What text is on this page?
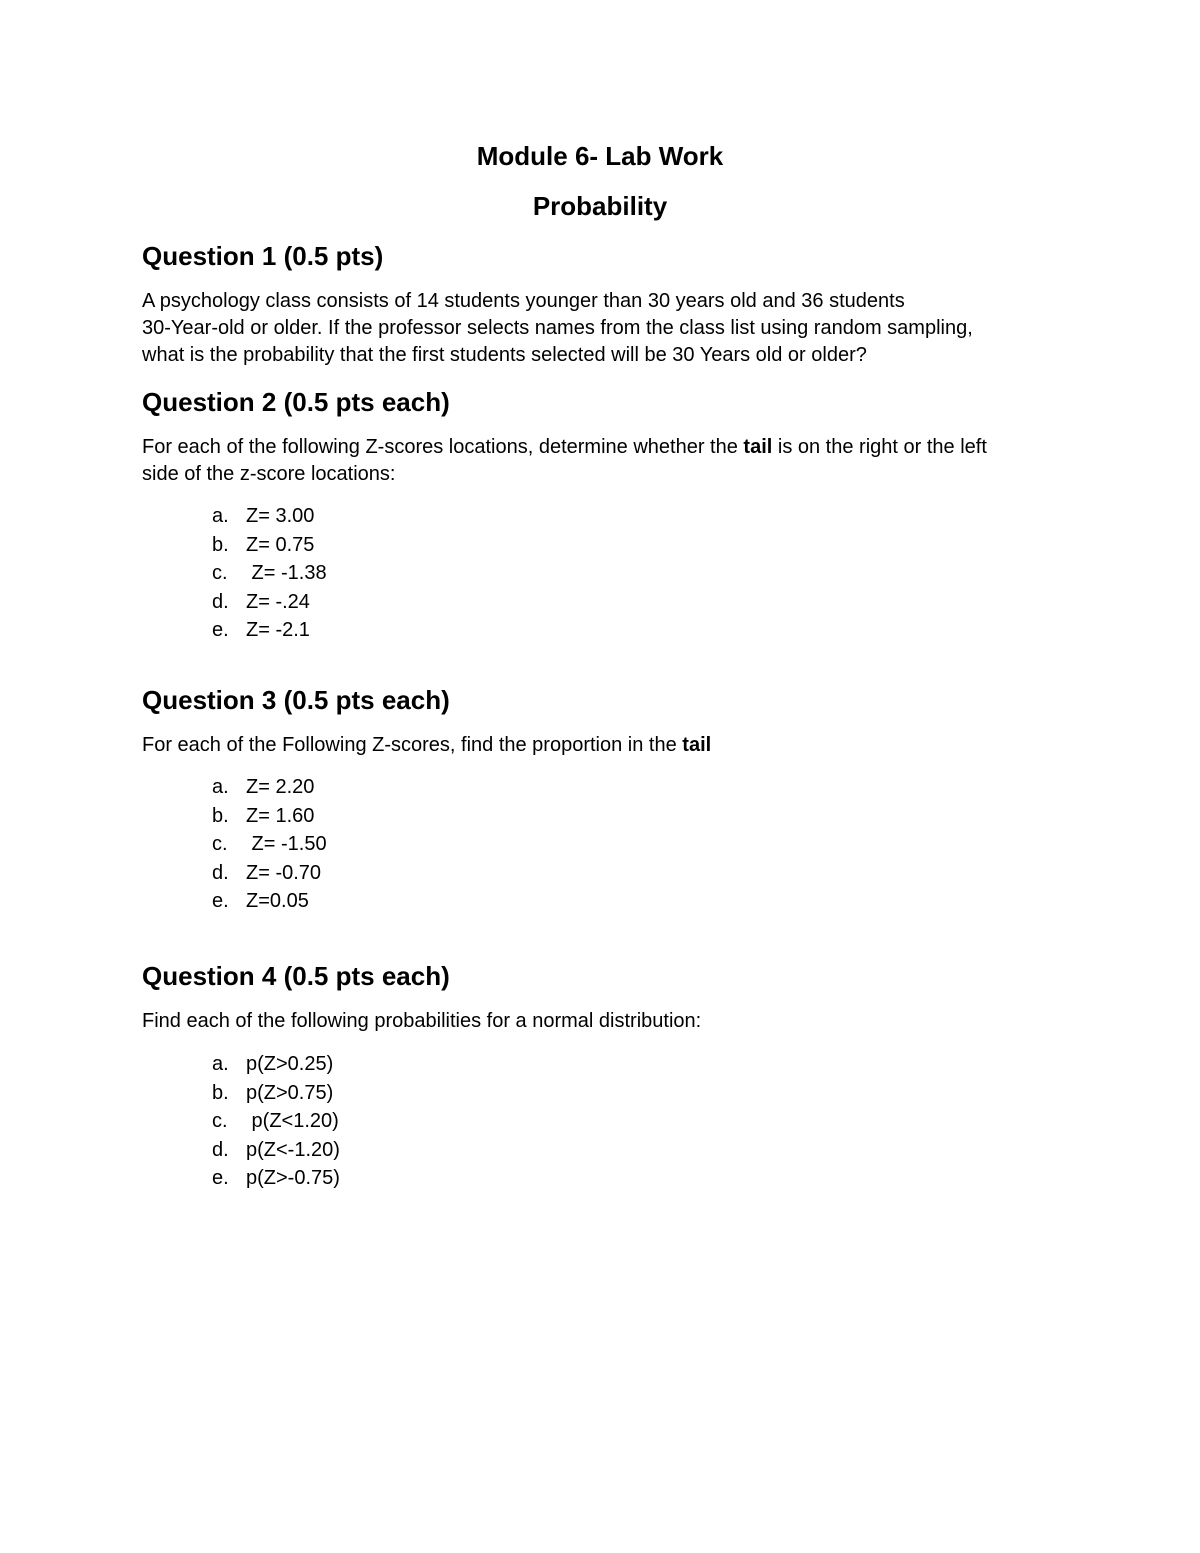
Module 6- Lab Work
Probability
Question 1 (0.5 pts)

A psychology class consists of 14 students younger than 30 years old and 36 students
30-Year-old or older. If the professor selects names from the class list using random sampling,
what is the probability that the first students selected will be 30 Years old or older?

Question 2 (0.5 pts each)

For each of the following Z-scores locations, determine whether the tail is on the right or the left
side of the z-score locations:

a. Z= 3.00
b. Z= 0.75
c. Z= -1.38
d. Z= -.24
e. Z= -2.1
Question 3 (0.5 pts each)

For each of the Following Z-scores, find the proportion in the tail

a. Z= 2.20
b. Z= 1.60
c. Z= -1.50
d. Z= -0.70
e. Z=0.05
Question 4 (0.5 pts each)

Find each of the following probabilities for a normal distribution:

a. p(Z>0.25)
b. p(Z>0.75)
c. p(Z<1.20)
d. p(Z<-1.20)
e. p(Z>-0.75)
